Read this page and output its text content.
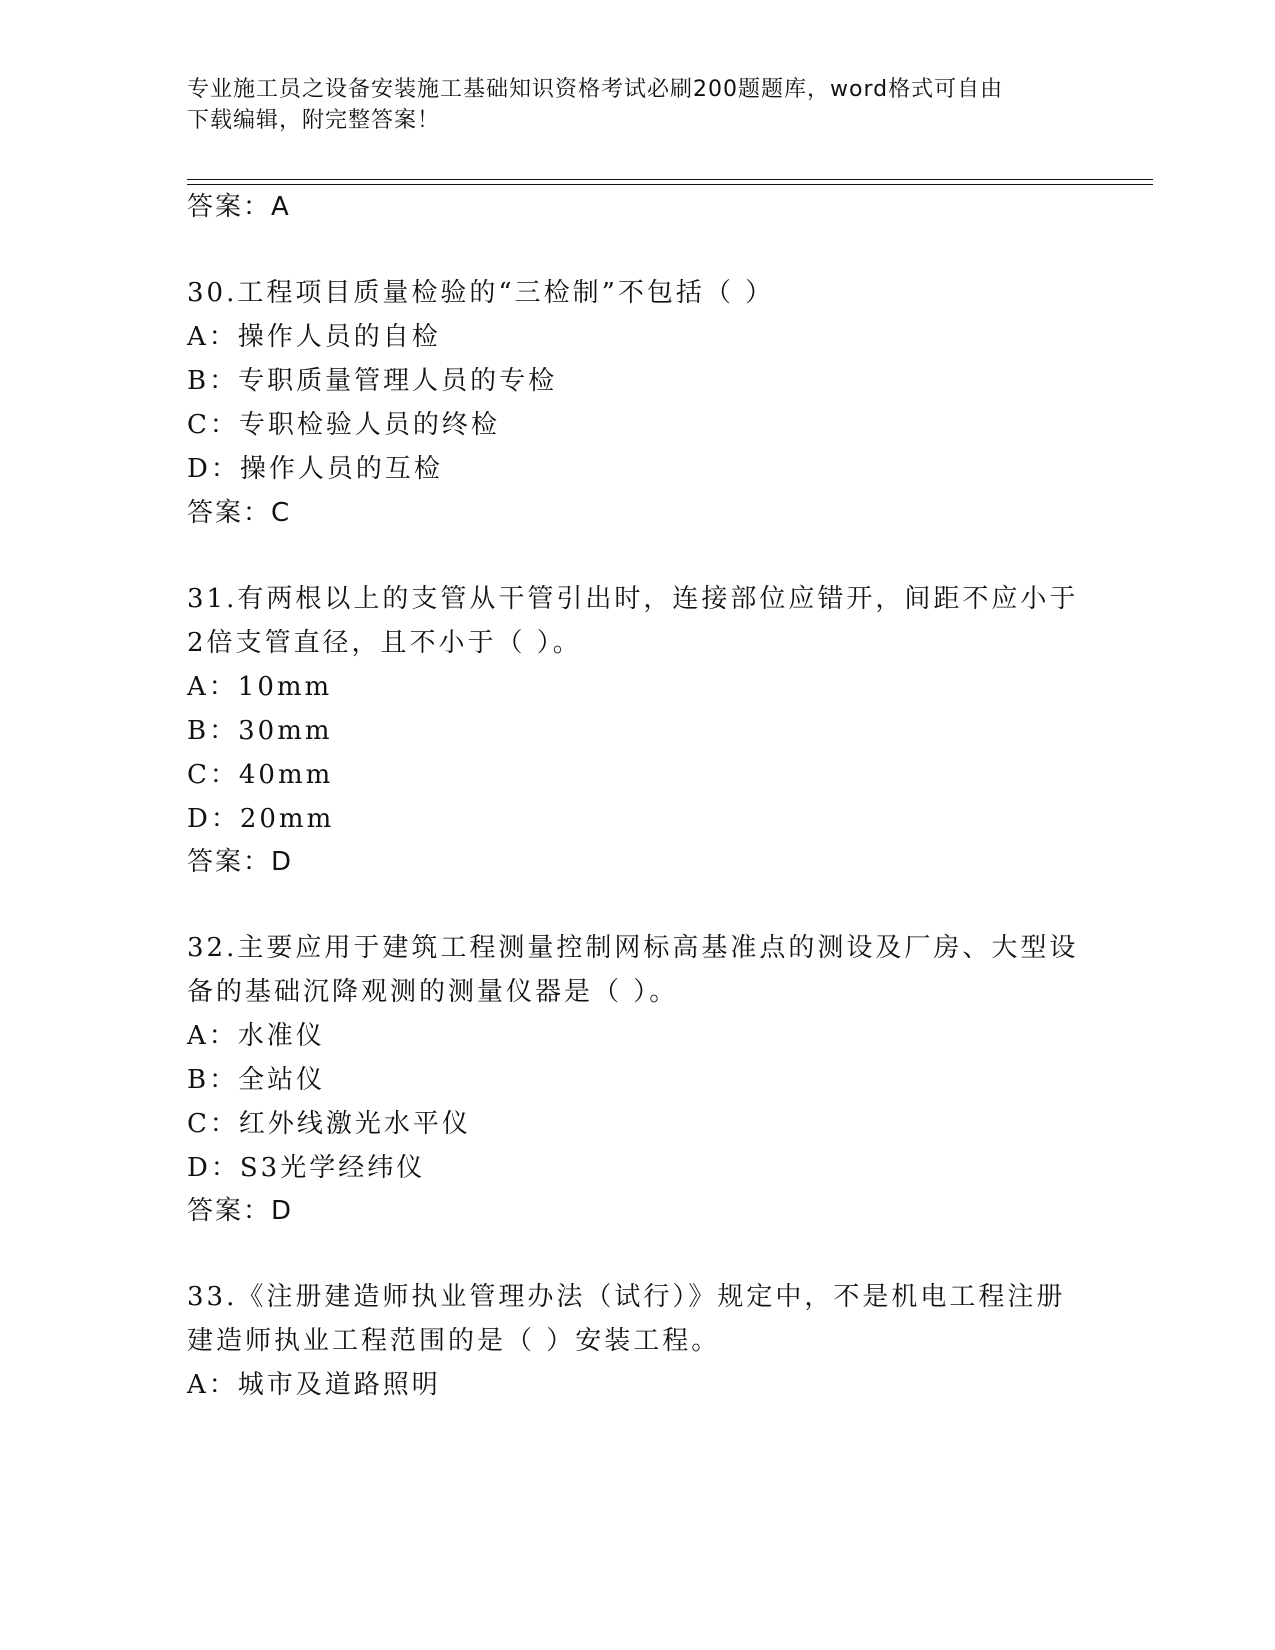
专业施工员之设备安装施工基础知识资格考试必刷200题题库，word格式可自由
下载编辑，附完整答案！
答案：A
30.工程项目质量检验的“三检制”不包括（ ）
A：操作人员的自检
B：专职质量管理人员的专检
C：专职检验人员的终检
D：操作人员的互检
答案：C
31.有两根以上的支管从干管引出时，连接部位应错开，间距不应小于
2倍支管直径，且不小于（ ）。
A：10mm
B：30mm
C：40mm
D：20mm
答案：D
32.主要应用于建筑工程测量控制网标高基准点的测设及厂房、大型设
备的基础沉降观测的测量仪器是（ ）。
A：水准仪
B：全站仪
C：红外线激光水平仪
D：S3光学经纬仪
答案：D
33.《注册建造师执业管理办法（试行）》规定中，不是机电工程注册
建造师执业工程范围的是（ ）安装工程。
A：城市及道路照明
